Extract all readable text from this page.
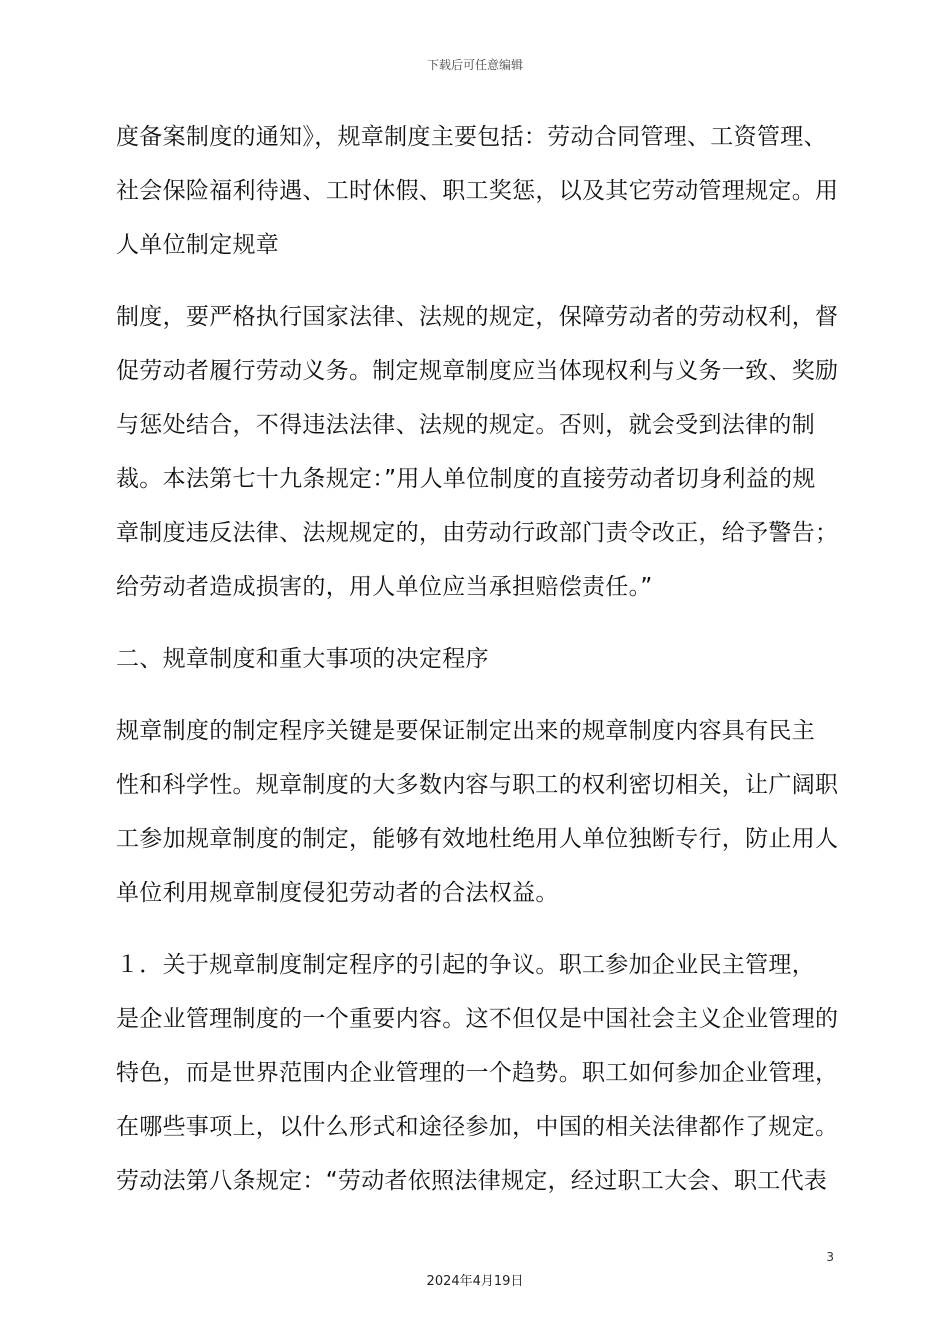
下载后可任意编辑

度备案制度的通知》，规章制度主要包括：劳动合同管理、工资管理、
社会保险福利待遇、工时休假、职工奖惩，以及其它劳动管理规定。用
人单位制定规章

制度，要严格执行国家法律、法规的规定，保障劳动者的劳动权利，督
促劳动者履行劳动义务。制定规章制度应当体现权利与义务一致、奖励
与惩处结合，不得违法法律、法规的规定。否则，就会受到法律的制
裁。本法第七十九条规定：”用人单位制度的直接劳动者切身利益的规
章制度违反法律、法规规定的，由劳动行政部门责令改正，给予警告；
给劳动者造成损害的，用人单位应当承担赔偿责任。”

二、规章制度和重大事项的决定程序

规章制度的制定程序关键是要保证制定出来的规章制度内容具有民主
性和科学性。规章制度的大多数内容与职工的权利密切相关，让广阔职
工参加规章制度的制定，能够有效地杜绝用人单位独断专行，防止用人
单位利用规章制度侵犯劳动者的合法权益。

１．关于规章制度制定程序的引起的争议。职工参加企业民主管理，
是企业管理制度的一个重要内容。这不但仅是中国社会主义企业管理的
特色，而是世界范围内企业管理的一个趋势。职工如何参加企业管理，
在哪些事项上，以什么形式和途径参加，中国的相关法律都作了规定。
劳动法第八条规定：“劳动者依照法律规定，经过职工大会、职工代表

3
2024年4月19日
